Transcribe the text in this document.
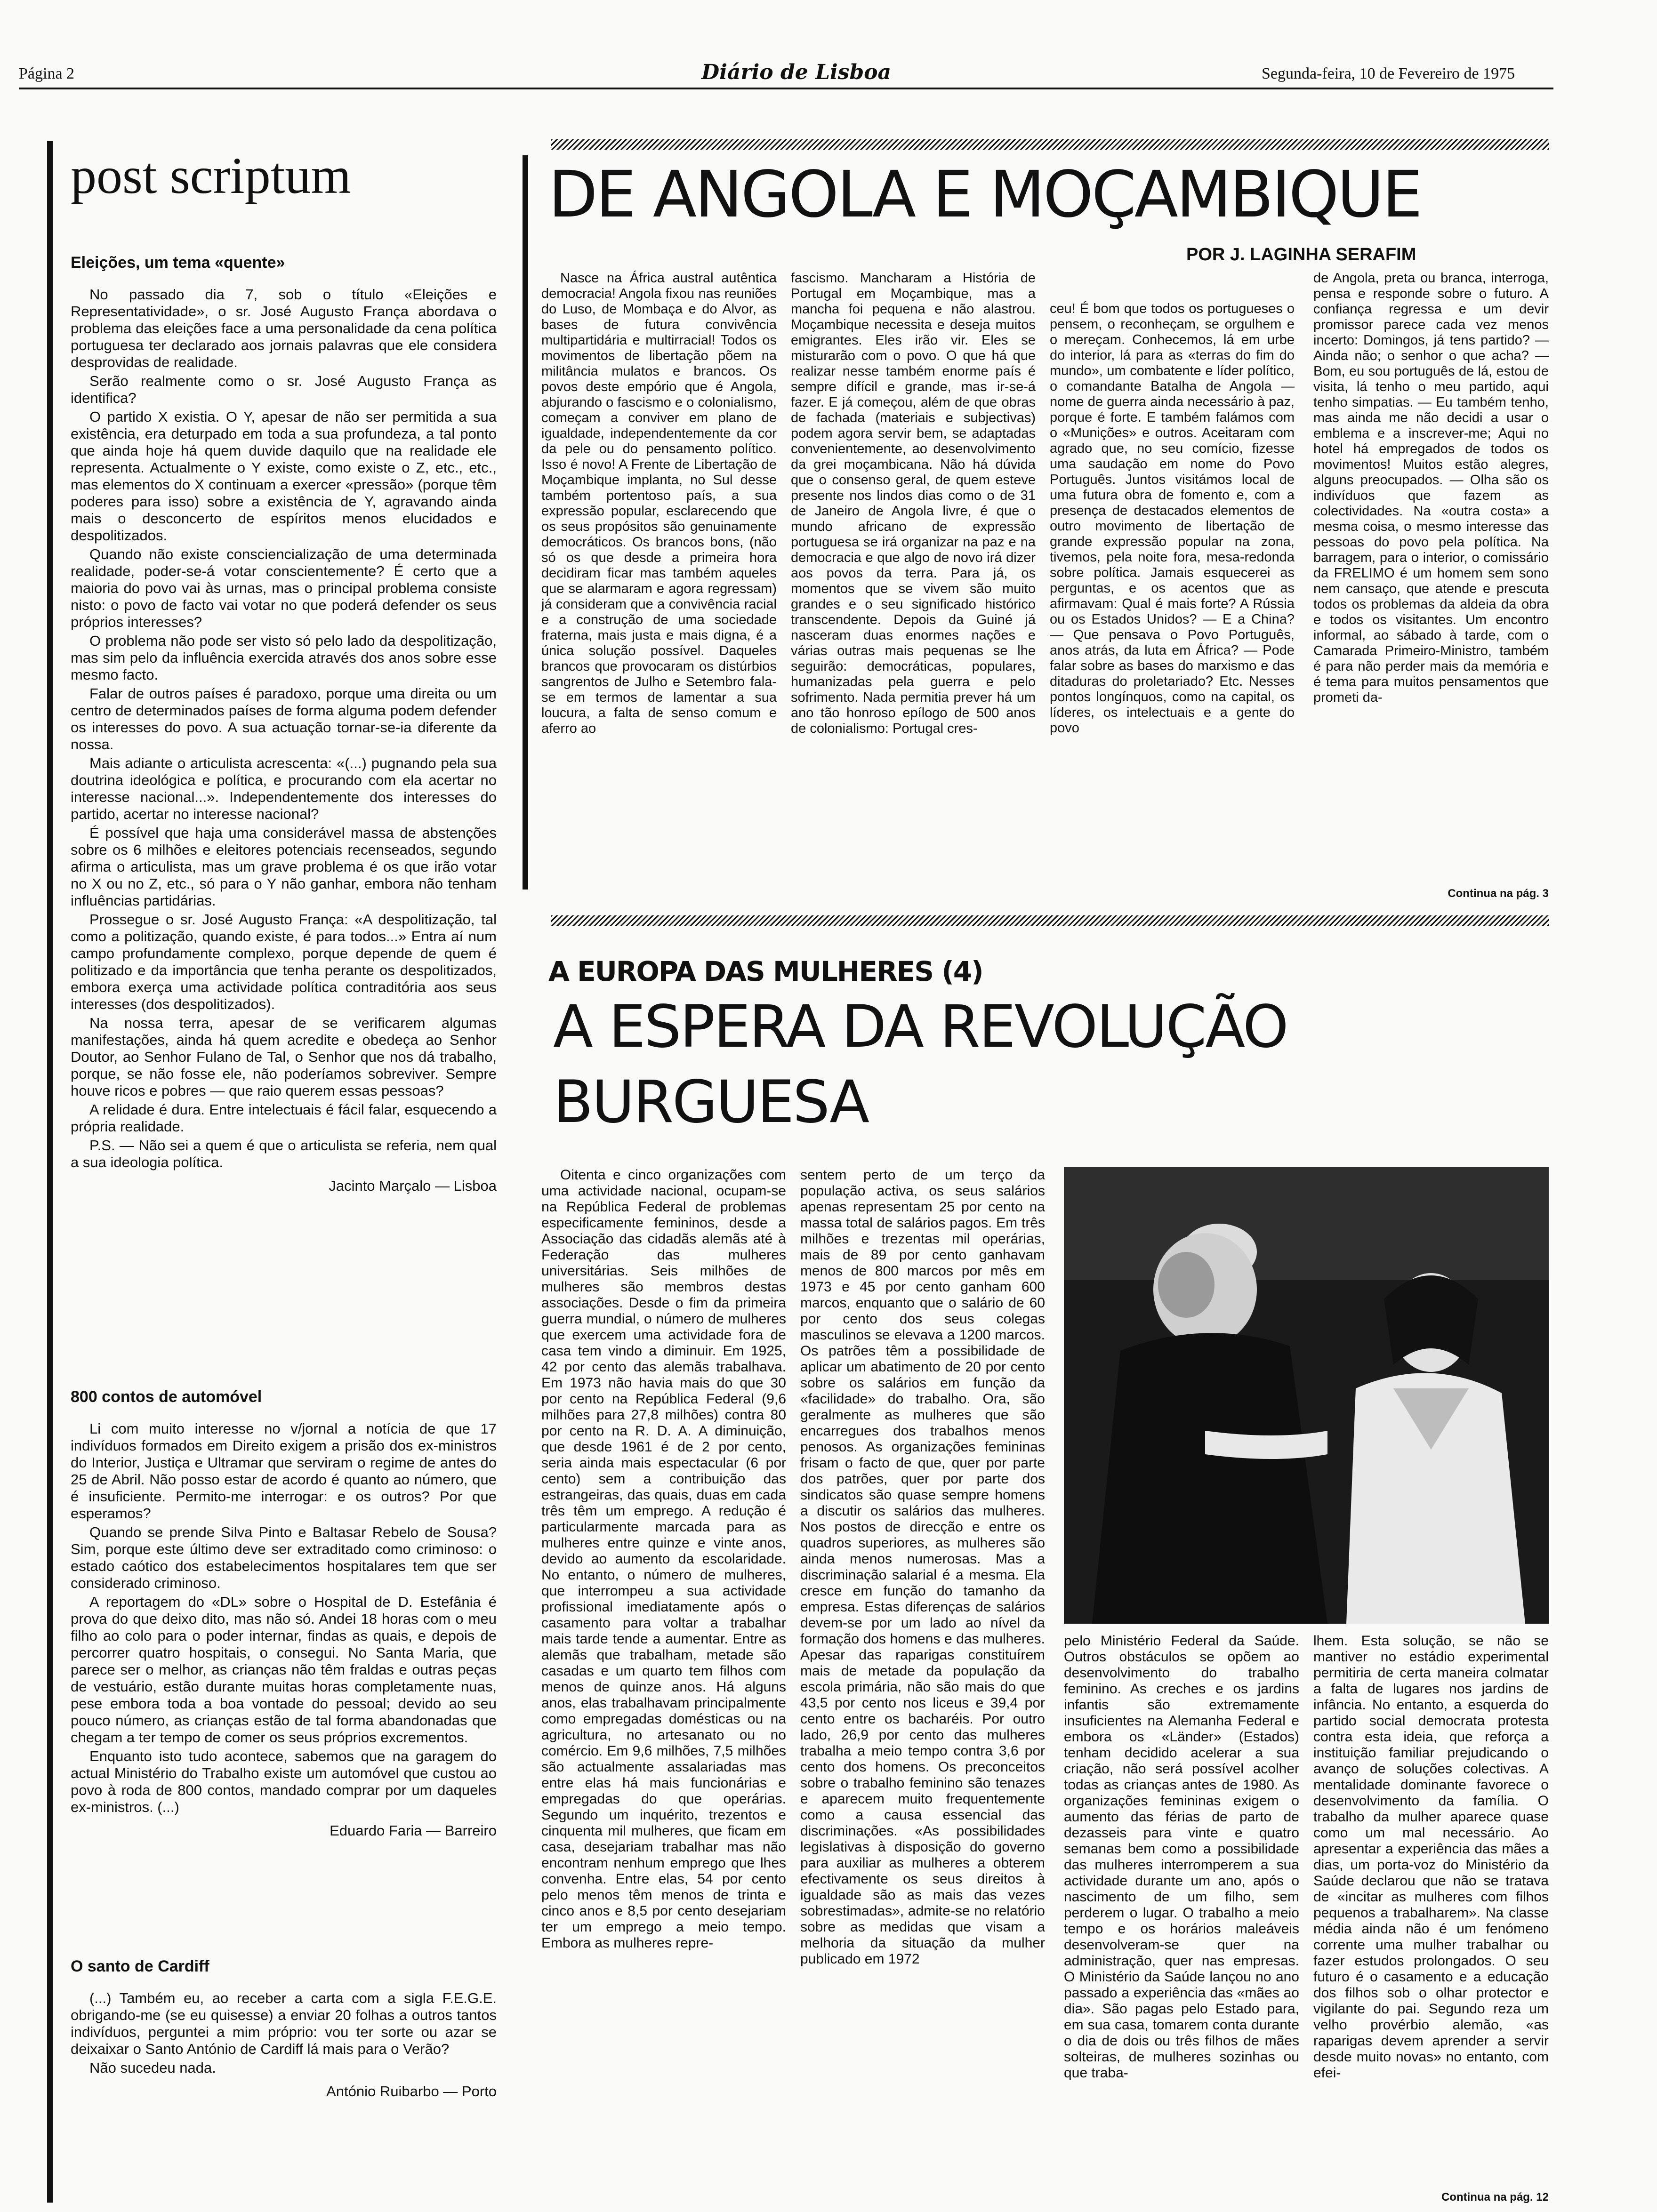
Página 2	Diário de Lisboa	Segunda-feira, 10 de Fevereiro de 1975
post scriptum
Eleições, um tema «quente»

No passado dia 7, sob o título «Eleições e Representatividade», o sr. José Augusto França abordava o problema das eleições face a uma personalidade da cena política portuguesa ter declarado aos jornais palavras que ele considera desprovidas de realidade.

Serão realmente como o sr. José Augusto França as identifica?

O partido X existia. O Y, apesar de não ser permitida a sua existência, era deturpado em toda a sua profundeza, a tal ponto que ainda hoje há quem duvide daquilo que na realidade ele representa. Actualmente o Y existe, como existe o Z, etc., etc., mas elementos do X continuam a exercer «pressão» (porque têm poderes para isso) sobre a existência de Y, agravando ainda mais o desconcerto de espíritos menos elucidados e despolitizados.

Quando não existe consciencialização de uma determinada realidade, poder-se-á votar conscientemente? É certo que a maioria do povo vai às urnas, mas o principal problema consiste nisto: o povo de facto vai votar no que poderá defender os seus próprios interesses?

O problema não pode ser visto só pelo lado da despolitização, mas sim pelo da influência exercida através dos anos sobre esse mesmo facto.

Falar de outros países é paradoxo, porque uma direita ou um centro de determinados países de forma alguma podem defender os interesses do povo. A sua actuação tornar-se-ia diferente da nossa.

Mais adiante o articulista acrescenta: «(...) pugnando pela sua doutrina ideológica e política, e procurando com ela acertar no interesse nacional...». Independentemente dos interesses do partido, acertar no interesse nacional?

É possível que haja uma considerável massa de abstenções sobre os 6 milhões e eleitores potenciais recenseados, segundo afirma o articulista, mas um grave problema é os que irão votar no X ou no Z, etc., só para o Y não ganhar, embora não tenham influências partidárias.

Prossegue o sr. José Augusto França: «A despolitização, tal como a politização, quando existe, é para todos...» Entra aí num campo profundamente complexo, porque depende de quem é politizado e da importância que tenha perante os despolitizados, embora exerça uma actividade política contraditória aos seus interesses (dos despolitizados).

Na nossa terra, apesar de se verificarem algumas manifestações, ainda há quem acredite e obedeça ao Senhor Doutor, ao Senhor Fulano de Tal, o Senhor que nos dá trabalho, porque, se não fosse ele, não poderíamos sobreviver. Sempre houve ricos e pobres — que raio querem essas pessoas?

A relidade é dura. Entre intelectuais é fácil falar, esquecendo a própria realidade.

P.S. — Não sei a quem é que o articulista se referia, nem qual a sua ideologia política.

Jacinto Marçalo — Lisboa
800 contos de automóvel

Li com muito interesse no v/jornal a notícia de que 17 indivíduos formados em Direito exigem a prisão dos ex-ministros do Interior, Justiça e Ultramar que serviram o regime de antes do 25 de Abril. Não posso estar de acordo é quanto ao número, que é insuficiente. Permito-me interrogar: e os outros? Por que esperamos?

Quando se prende Silva Pinto e Baltasar Rebelo de Sousa? Sim, porque este último deve ser extraditado como criminoso: o estado caótico dos estabelecimentos hospitalares tem que ser considerado criminoso.

A reportagem do «DL» sobre o Hospital de D. Estefânia é prova do que deixo dito, mas não só. Andei 18 horas com o meu filho ao colo para o poder internar, findas as quais, e depois de percorrer quatro hospitais, o consegui. No Santa Maria, que parece ser o melhor, as crianças não têm fraldas e outras peças de vestuário, estão durante muitas horas completamente nuas, pese embora toda a boa vontade do pessoal; devido ao seu pouco número, as crianças estão de tal forma abandonadas que chegam a ter tempo de comer os seus próprios excrementos.

Enquanto isto tudo acontece, sabemos que na garagem do actual Ministério do Trabalho existe um automóvel que custou ao povo à roda de 800 contos, mandado comprar por um daqueles ex-ministros. (...)

Eduardo Faria — Barreiro
O santo de Cardiff

(...) Também eu, ao receber a carta com a sigla F.E.G.E. obrigando-me (se eu quisesse) a enviar 20 folhas a outros tantos indivíduos, perguntei a mim próprio: vou ter sorte ou azar se deixaixar o Santo António de Cardiff lá mais para o Verão?

Não sucedeu nada.

António Ruibarbo — Porto
DE ANGOLA E MOÇAMBIQUE
POR J. LAGINHA SERAFIM

Nasce na África austral autêntica democracia! Angola fixou nas reuniões do Luso, de Mombaça e do Alvor, as bases de futura convivência multipartidária e multirracial! Todos os movimentos de libertação põem na militância mulatos e brancos. Os povos deste empório que é Angola, abjurando o fascismo e o colonialismo, começam a conviver em plano de igualdade, independentemente da cor da pele ou do pensamento político. Isso é novo! A Frente de Libertação de Moçambique implanta, no Sul desse também portentoso país, a sua expressão popular, esclarecendo que os seus propósitos são genuinamente democráticos. Os brancos bons, (não só os que desde a primeira hora decidiram ficar mas também aqueles que se alarmaram e agora regressam) já consideram que a convivência racial e a construção de uma sociedade fraterna, mais justa e mais digna, é a única solução possível. Daqueles brancos que provocaram os distúrbios sangrentos de Julho e Setembro fala-se em termos de lamentar a sua loucura, a falta de senso comum e aferro ao

fascismo. Mancharam a História de Portugal em Moçambique, mas a mancha foi pequena e não alastrou. Moçambique necessita e deseja muitos emigrantes. Eles irão vir. Eles se misturarão com o povo. O que há que realizar nesse também enorme país é sempre difícil e grande, mas ir-se-á fazer. E já começou, além de que obras de fachada (materiais e subjectivas) podem agora servir bem, se adaptadas convenientemente, ao desenvolvimento da grei moçambicana. Não há dúvida que o consenso geral, de quem esteve presente nos lindos dias como o de 31 de Janeiro de Angola livre, é que o mundo africano de expressão portuguesa se irá organizar na paz e na democracia e que algo de novo irá dizer aos povos da terra. Para já, os momentos que se vivem são muito grandes e o seu significado histórico transcendente. Depois da Guiné já nasceram duas enormes nações e várias outras mais pequenas se lhe seguirão: democráticas, populares, humanizadas pela guerra e pelo sofrimento. Nada permitia prever há um ano tão honroso epílogo de 500 anos de colonialismo: Portugal cres-

ceu! É bom que todos os portugueses o pensem, o reconheçam, se orgulhem e o mereçam. Conhecemos, lá em urbe do interior, lá para as «terras do fim do mundo», um combatente e líder político, o comandante Batalha de Angola — nome de guerra ainda necessário à paz, porque é forte. E também falámos com o «Munições» e outros. Aceitaram com agrado que, no seu comício, fizesse uma saudação em nome do Povo Português. Juntos visitámos local de uma futura obra de fomento e, com a presença de destacados elementos de outro movimento de libertação de grande expressão popular na zona, tivemos, pela noite fora, mesa-redonda sobre política. Jamais esquecerei as perguntas, e os acentos que as afirmavam: Qual é mais forte? A Rússia ou os Estados Unidos? — E a China? — Que pensava o Povo Português, anos atrás, da luta em África? — Pode falar sobre as bases do marxismo e das ditaduras do proletariado? Etc. Nesses pontos longínquos, como na capital, os líderes, os intelectuais e a gente do povo

de Angola, preta ou branca, interroga, pensa e responde sobre o futuro. A confiança regressa e um devir promissor parece cada vez menos incerto: Domingos, já tens partido? — Ainda não; o senhor o que acha? — Bom, eu sou português de lá, estou de visita, lá tenho o meu partido, aqui tenho simpatias. — Eu também tenho, mas ainda me não decidi a usar o emblema e a inscrever-me; Aqui no hotel há empregados de todos os movimentos! Muitos estão alegres, alguns preocupados. — Olha são os indivíduos que fazem as colectividades. Na «outra costa» a mesma coisa, o mesmo interesse das pessoas do povo pela política. Na barragem, para o interior, o comissário da FRELIMO é um homem sem sono nem cansaço, que atende e prescuta todos os problemas da aldeia da obra e todos os visitantes. Um encontro informal, ao sábado à tarde, com o Camarada Primeiro-Ministro, também é para não perder mais da memória e é tema para muitos pensamentos que prometi da-

Continua na pág. 3
A EUROPA DAS MULHERES (4)
A ESPERA DA REVOLUÇÃO
BURGUESA

Oitenta e cinco organizações com uma actividade nacional, ocupam-se na República Federal de problemas especificamente femininos, desde a Associação das cidadãs alemãs até à Federação das mulheres universitárias. Seis milhões de mulheres são membros destas associações. Desde o fim da primeira guerra mundial, o número de mulheres que exercem uma actividade fora de casa tem vindo a diminuir. Em 1925, 42 por cento das alemãs trabalhava. Em 1973 não havia mais do que 30 por cento na República Federal (9,6 milhões para 27,8 milhões) contra 80 por cento na R. D. A. A diminuição, que desde 1961 é de 2 por cento, seria ainda mais espectacular (6 por cento) sem a contribuição das estrangeiras, das quais, duas em cada três têm um emprego. A redução é particularmente marcada para as mulheres entre quinze e vinte anos, devido ao aumento da escolaridade. No entanto, o número de mulheres, que interrompeu a sua actividade profissional imediatamente após o casamento para voltar a trabalhar mais tarde tende a aumentar. Entre as alemãs que trabalham, metade são casadas e um quarto tem filhos com menos de quinze anos. Há alguns anos, elas trabalhavam principalmente como empregadas domésticas ou na agricultura, no artesanato ou no comércio. Em 9,6 milhões, 7,5 milhões são actualmente assalariadas mas entre elas há mais funcionárias e empregadas do que operárias. Segundo um inquérito, trezentos e cinquenta mil mulheres, que ficam em casa, desejariam trabalhar mas não encontram nenhum emprego que lhes convenha. Entre elas, 54 por cento pelo menos têm menos de trinta e cinco anos e 8,5 por cento desejariam ter um emprego a meio tempo. Embora as mulheres repre-

sentem perto de um terço da população activa, os seus salários apenas representam 25 por cento na massa total de salários pagos. Em três milhões e trezentas mil operárias, mais de 89 por cento ganhavam menos de 800 marcos por mês em 1973 e 45 por cento ganham 600 marcos, enquanto que o salário de 60 por cento dos seus colegas masculinos se elevava a 1200 marcos. Os patrões têm a possibilidade de aplicar um abatimento de 20 por cento sobre os salários em função da «facilidade» do trabalho. Ora, são geralmente as mulheres que são encarregues dos trabalhos menos penosos. As organizações femininas frisam o facto de que, quer por parte dos patrões, quer por parte dos sindicatos são quase sempre homens a discutir os salários das mulheres. Nos postos de direcção e entre os quadros superiores, as mulheres são ainda menos numerosas. Mas a discriminação salarial é a mesma. Ela cresce em função do tamanho da empresa. Estas diferenças de salários devem-se por um lado ao nível da formação dos homens e das mulheres. Apesar das raparigas constituírem mais de metade da população da escola primária, não são mais do que 43,5 por cento nos liceus e 39,4 por cento entre os bacharéis. Por outro lado, 26,9 por cento das mulheres trabalha a meio tempo contra 3,6 por cento dos homens. Os preconceitos sobre o trabalho feminino são tenazes e aparecem muito frequentemente como a causa essencial das discriminações. «As possibilidades legislativas à disposição do governo para auxiliar as mulheres a obterem efectivamente os seus direitos à igualdade são as mais das vezes sobrestimadas», admite-se no relatório sobre as medidas que visam a melhoria da situação da mulher publicado em 1972

pelo Ministério Federal da Saúde. Outros obstáculos se opõem ao desenvolvimento do trabalho feminino. As creches e os jardins infantis são extremamente insuficientes na Alemanha Federal e embora os «Länder» (Estados) tenham decidido acelerar a sua criação, não será possível acolher todas as crianças antes de 1980. As organizações femininas exigem o aumento das férias de parto de dezasseis para vinte e quatro semanas bem como a possibilidade das mulheres interromperem a sua actividade durante um ano, após o nascimento de um filho, sem perderem o lugar. O trabalho a meio tempo e os horários maleáveis desenvolveram-se quer na administração, quer nas empresas. O Ministério da Saúde lançou no ano passado a experiência das «mães ao dia». São pagas pelo Estado para, em sua casa, tomarem conta durante o dia de dois ou três filhos de mães solteiras, de mulheres sozinhas ou que traba-

lhem. Esta solução, se não se mantiver no estádio experimental permitiria de certa maneira colmatar a falta de lugares nos jardins de infância. No entanto, a esquerda do partido social democrata protesta contra esta ideia, que reforça a instituição familiar prejudicando o avanço de soluções colectivas. A mentalidade dominante favorece o desenvolvimento da família. O trabalho da mulher aparece quase como um mal necessário. Ao apresentar a experiência das mães a dias, um porta-voz do Ministério da Saúde declarou que não se tratava de «incitar as mulheres com filhos pequenos a trabalharem». Na classe média ainda não é um fenómeno corrente uma mulher trabalhar ou fazer estudos prolongados. O seu futuro é o casamento e a educação dos filhos sob o olhar protector e vigilante do pai. Segundo reza um velho provérbio alemão, «as raparigas devem aprender a servir desde muito novas» no entanto, com efei-

Continua na pág. 12
